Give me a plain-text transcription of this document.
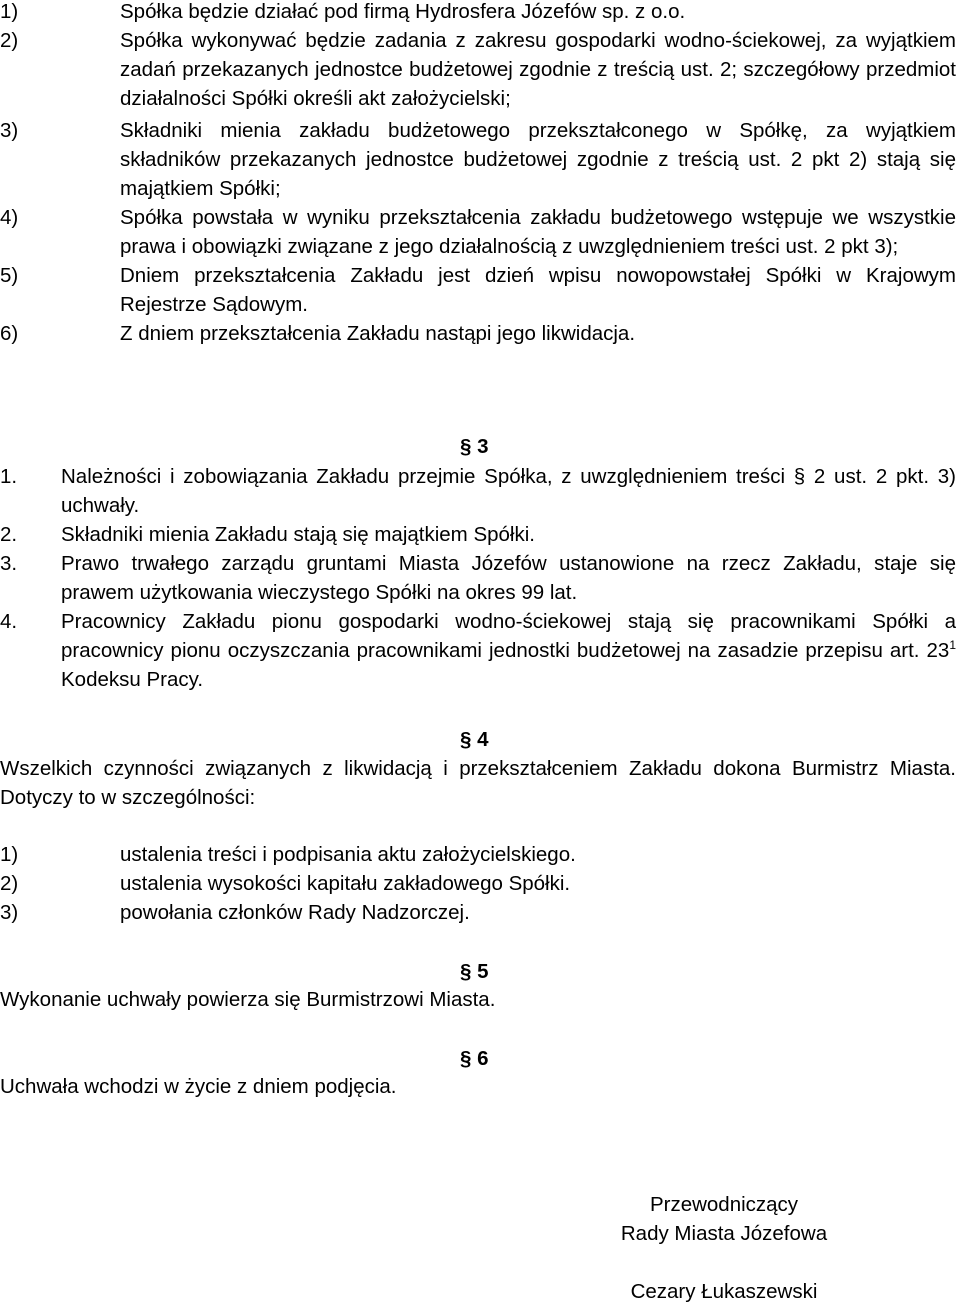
1)	Spółka będzie działać pod firmą Hydrosfera Józefów sp. z o.o.
2)	Spółka wykonywać będzie zadania z zakresu gospodarki wodno-ściekowej, za wyjątkiem zadań przekazanych jednostce budżetowej zgodnie z treścią ust. 2; szczegółowy przedmiot działalności Spółki określi akt założycielski;
3)	Składniki mienia zakładu budżetowego przekształconego w Spółkę, za wyjątkiem składników przekazanych jednostce budżetowej zgodnie z treścią ust. 2 pkt 2) stają się majątkiem Spółki;
4)	Spółka powstała w wyniku przekształcenia zakładu budżetowego wstępuje we wszystkie prawa i obowiązki związane z jego działalnością z uwzględnieniem treści ust. 2 pkt 3);
5)	Dniem przekształcenia Zakładu jest dzień wpisu nowopowstałej Spółki w Krajowym Rejestrze Sądowym.
6)	Z dniem przekształcenia Zakładu nastąpi jego likwidacja.
§ 3
1. Należności i zobowiązania Zakładu przejmie Spółka, z uwzględnieniem treści § 2 ust. 2 pkt. 3) uchwały.
2. Składniki mienia Zakładu stają się majątkiem Spółki.
3. Prawo trwałego zarządu gruntami Miasta Józefów ustanowione na rzecz Zakładu, staje się prawem użytkowania wieczystego Spółki na okres 99 lat.
4. Pracownicy Zakładu pionu gospodarki wodno-ściekowej stają się pracownikami Spółki a pracownicy pionu oczyszczania pracownikami jednostki budżetowej na zasadzie przepisu art. $23^1$ Kodeksu Pracy.
§ 4
Wszelkich czynności związanych z likwidacją i przekształceniem Zakładu dokona Burmistrz Miasta. Dotyczy to w szczególności:
1)	ustalenia treści i podpisania aktu założycielskiego.
2)	ustalenia wysokości kapitału zakładowego Spółki.
3)	powołania członków Rady Nadzorczej.
§ 5
Wykonanie uchwały powierza się Burmistrzowi Miasta.
§ 6
Uchwała wchodzi w życie z dniem podjęcia.
Przewodniczący
Rady Miasta Józefowa
Cezary Łukaszewski
